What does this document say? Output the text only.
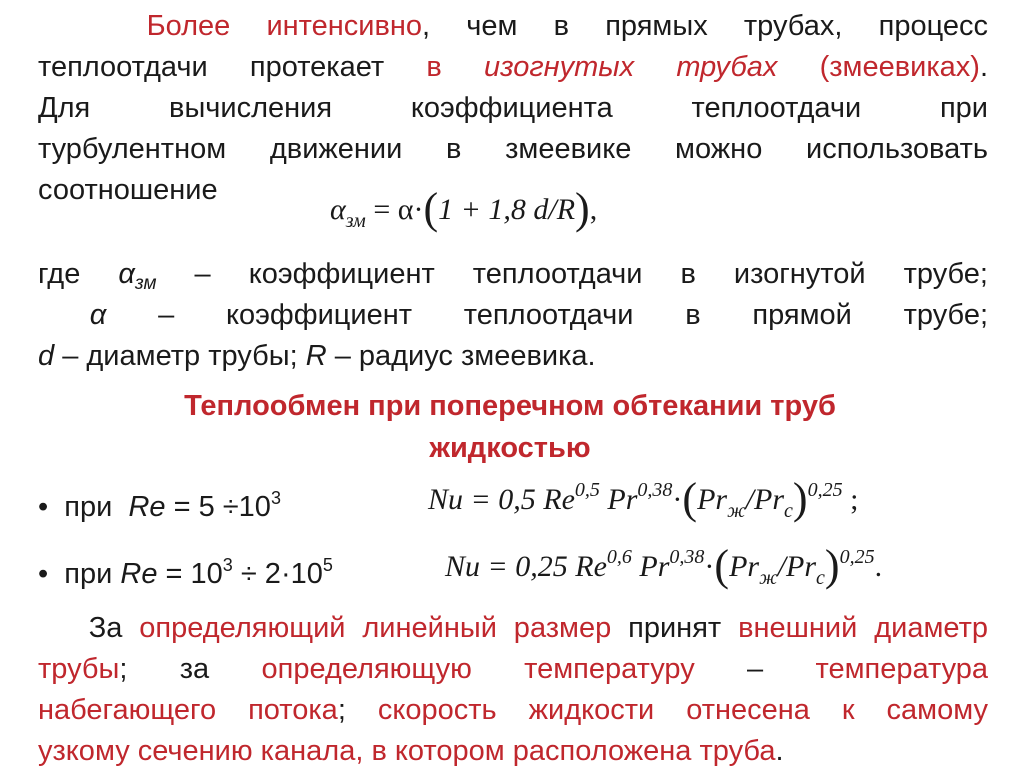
Более интенсивно, чем в прямых трубах, процесс

теплоотдачи протекает в изогнутых трубах (змеевиках).

Для вычисления коэффициента теплоотдачи при

турбулентном движении в змеевике можно использовать

соотношение

$\alpha_{зм} = \alpha\cdot(1 + 1,8$ d/R),

где $\alpha_{зм}$ – коэффициент теплоотдачи в изогнутой трубе;

α – коэффициент теплоотдачи в прямой трубе;

d – диаметр трубы; R – радиус змеевика.

Теплообмен при поперечном обтекании труб
жидкостью
• при  $Re = 5 \div 10^3$	Nu = 0,5 Re$^{0,5}$ $Pr^{0,38}\cdot(Pr_ж/Pr_c)^{0,25}$ ;
• при $Re = 10^3 \div 2\cdot 10^5$	Nu = 0,25 Re$^{0,6}$ $Pr^{0,38}\cdot(Pr_ж/Pr_c)^{0,25}$.

За определяющий линейный размер принят внешний диаметр

трубы; за определяющую температуру – температура

набегающего потока; скорость жидкости отнесена к самому

узкому сечению канала, в котором расположена труба.
